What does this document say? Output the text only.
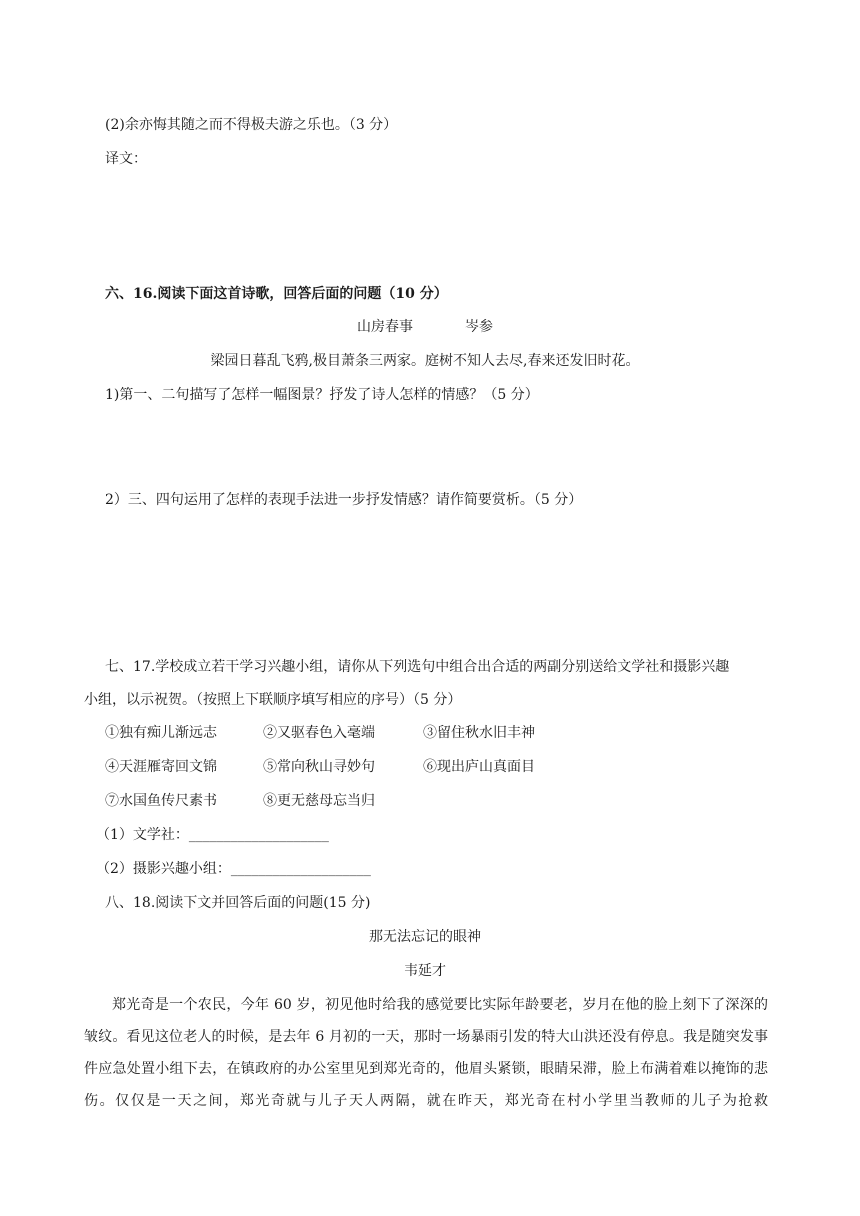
(2)余亦悔其随之而不得极夫游之乐也。（3 分）
译文：
六、16.阅读下面这首诗歌，回答后面的问题（10 分）
山房春事	岑参
梁园日暮乱飞鸦,极目萧条三两家。庭树不知人去尽,春来还发旧时花。
1)第一、二句描写了怎样一幅图景？抒发了诗人怎样的情感？（5 分）
2）三、四句运用了怎样的表现手法进一步抒发情感？请作简要赏析。（5 分）
七、17.学校成立若干学习兴趣小组，请你从下列选句中组合出合适的两副分别送给文学社和摄影兴趣
小组，以示祝贺。（按照上下联顺序填写相应的序号）（5 分）
①独有痴儿渐远志	②又驱春色入毫端	③留住秋水旧丰神
④天涯雁寄回文锦	⑤常向秋山寻妙句	⑥现出庐山真面目
⑦水国鱼传尺素书	⑧更无慈母忘当归
（1）文学社：____________________
（2）摄影兴趣小组：____________________
八、18.阅读下文并回答后面的问题(15 分)
那无法忘记的眼神
韦延才
郑光奇是一个农民，今年 60 岁，初见他时给我的感觉要比实际年龄要老，岁月在他的脸上刻下了深深的皱纹。看见这位老人的时候，是去年 6 月初的一天，那时一场暴雨引发的特大山洪还没有停息。我是随突发事件应急处置小组下去，在镇政府的办公室里见到郑光奇的，他眉头紧锁，眼睛呆滞，脸上布满着难以掩饰的悲伤。仅仅是一天之间，郑光奇就与儿子天人两隔，就在昨天，郑光奇在村小学里当教师的儿子为抢救
